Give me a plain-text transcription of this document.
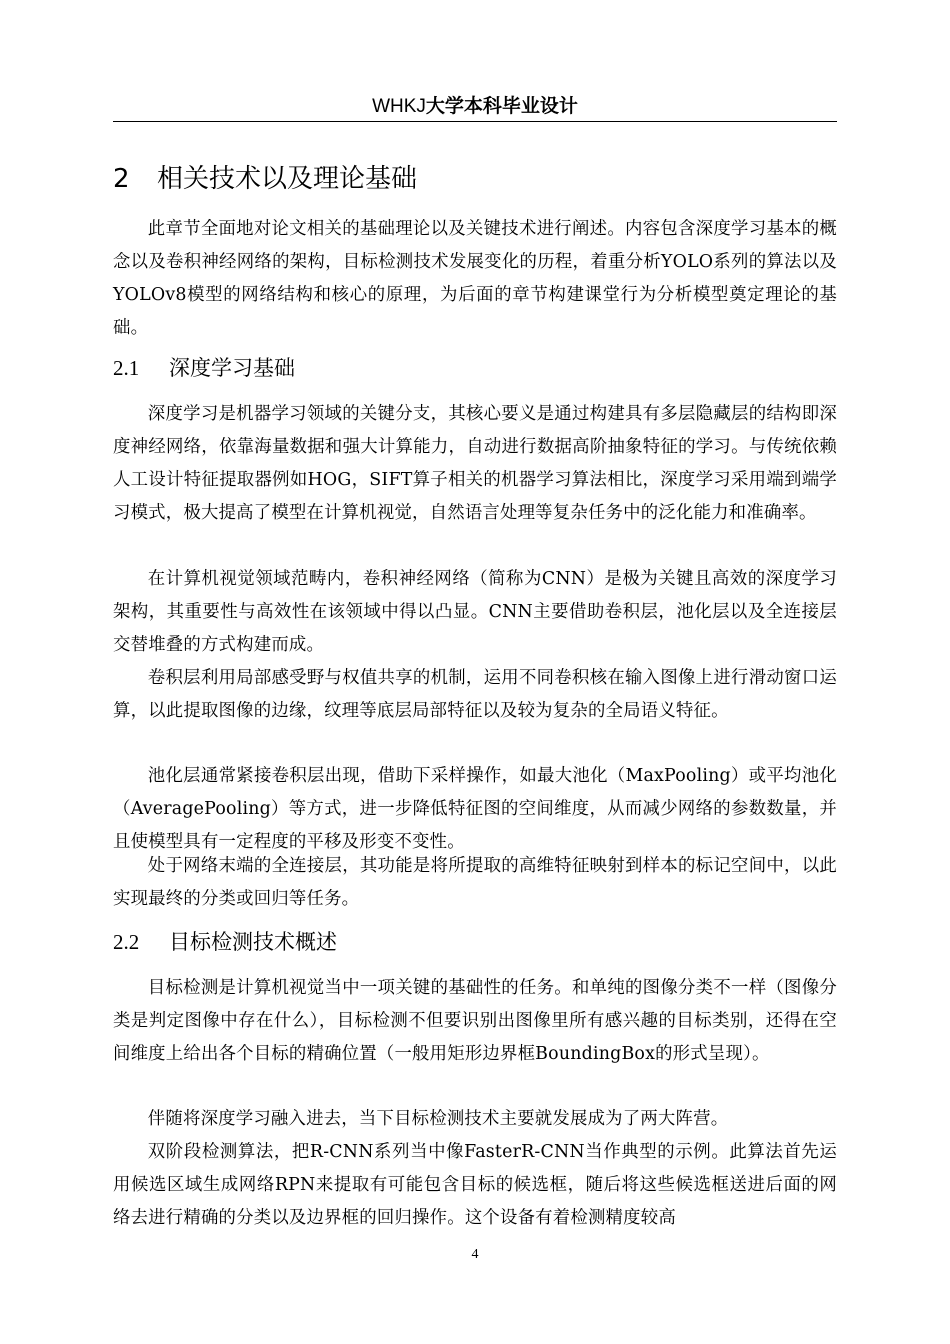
WHKJ大学本科毕业设计
2 相关技术以及理论基础

此章节全面地对论文相关的基础理论以及关键技术进行阐述。内容包含深度学习基本的概念以及卷积神经网络的架构，目标检测技术发展变化的历程，着重分析YOLO系列的算法以及YOLOv8模型的网络结构和核心的原理，为后面的章节构建课堂行为分析模型奠定理论的基础。

2.1 深度学习基础

深度学习是机器学习领域的关键分支，其核心要义是通过构建具有多层隐藏层的结构即深度神经网络，依靠海量数据和强大计算能力，自动进行数据高阶抽象特征的学习。与传统依赖人工设计特征提取器例如HOG，SIFT算子相关的机器学习算法相比，深度学习采用端到端学习模式，极大提高了模型在计算机视觉，自然语言处理等复杂任务中的泛化能力和准确率。

在计算机视觉领域范畴内，卷积神经网络（简称为CNN）是极为关键且高效的深度学习架构，其重要性与高效性在该领域中得以凸显。CNN主要借助卷积层，池化层以及全连接层交替堆叠的方式构建而成。

卷积层利用局部感受野与权值共享的机制，运用不同卷积核在输入图像上进行滑动窗口运算，以此提取图像的边缘，纹理等底层局部特征以及较为复杂的全局语义特征。

池化层通常紧接卷积层出现，借助下采样操作，如最大池化（MaxPooling）或平均池化（AveragePooling）等方式，进一步降低特征图的空间维度，从而减少网络的参数数量，并且使模型具有一定程度的平移及形变不变性。

处于网络末端的全连接层，其功能是将所提取的高维特征映射到样本的标记空间中，以此实现最终的分类或回归等任务。

2.2 目标检测技术概述

目标检测是计算机视觉当中一项关键的基础性的任务。和单纯的图像分类不一样（图像分类是判定图像中存在什么），目标检测不但要识别出图像里所有感兴趣的目标类别，还得在空间维度上给出各个目标的精确位置（一般用矩形边界框BoundingBox的形式呈现）。

伴随将深度学习融入进去，当下目标检测技术主要就发展成为了两大阵营。

双阶段检测算法，把R-CNN系列当中像FasterR-CNN当作典型的示例。此算法首先运用候选区域生成网络RPN来提取有可能包含目标的候选框，随后将这些候选框送进后面的网络去进行精确的分类以及边界框的回归操作。这个设备有着检测精度较高

4
